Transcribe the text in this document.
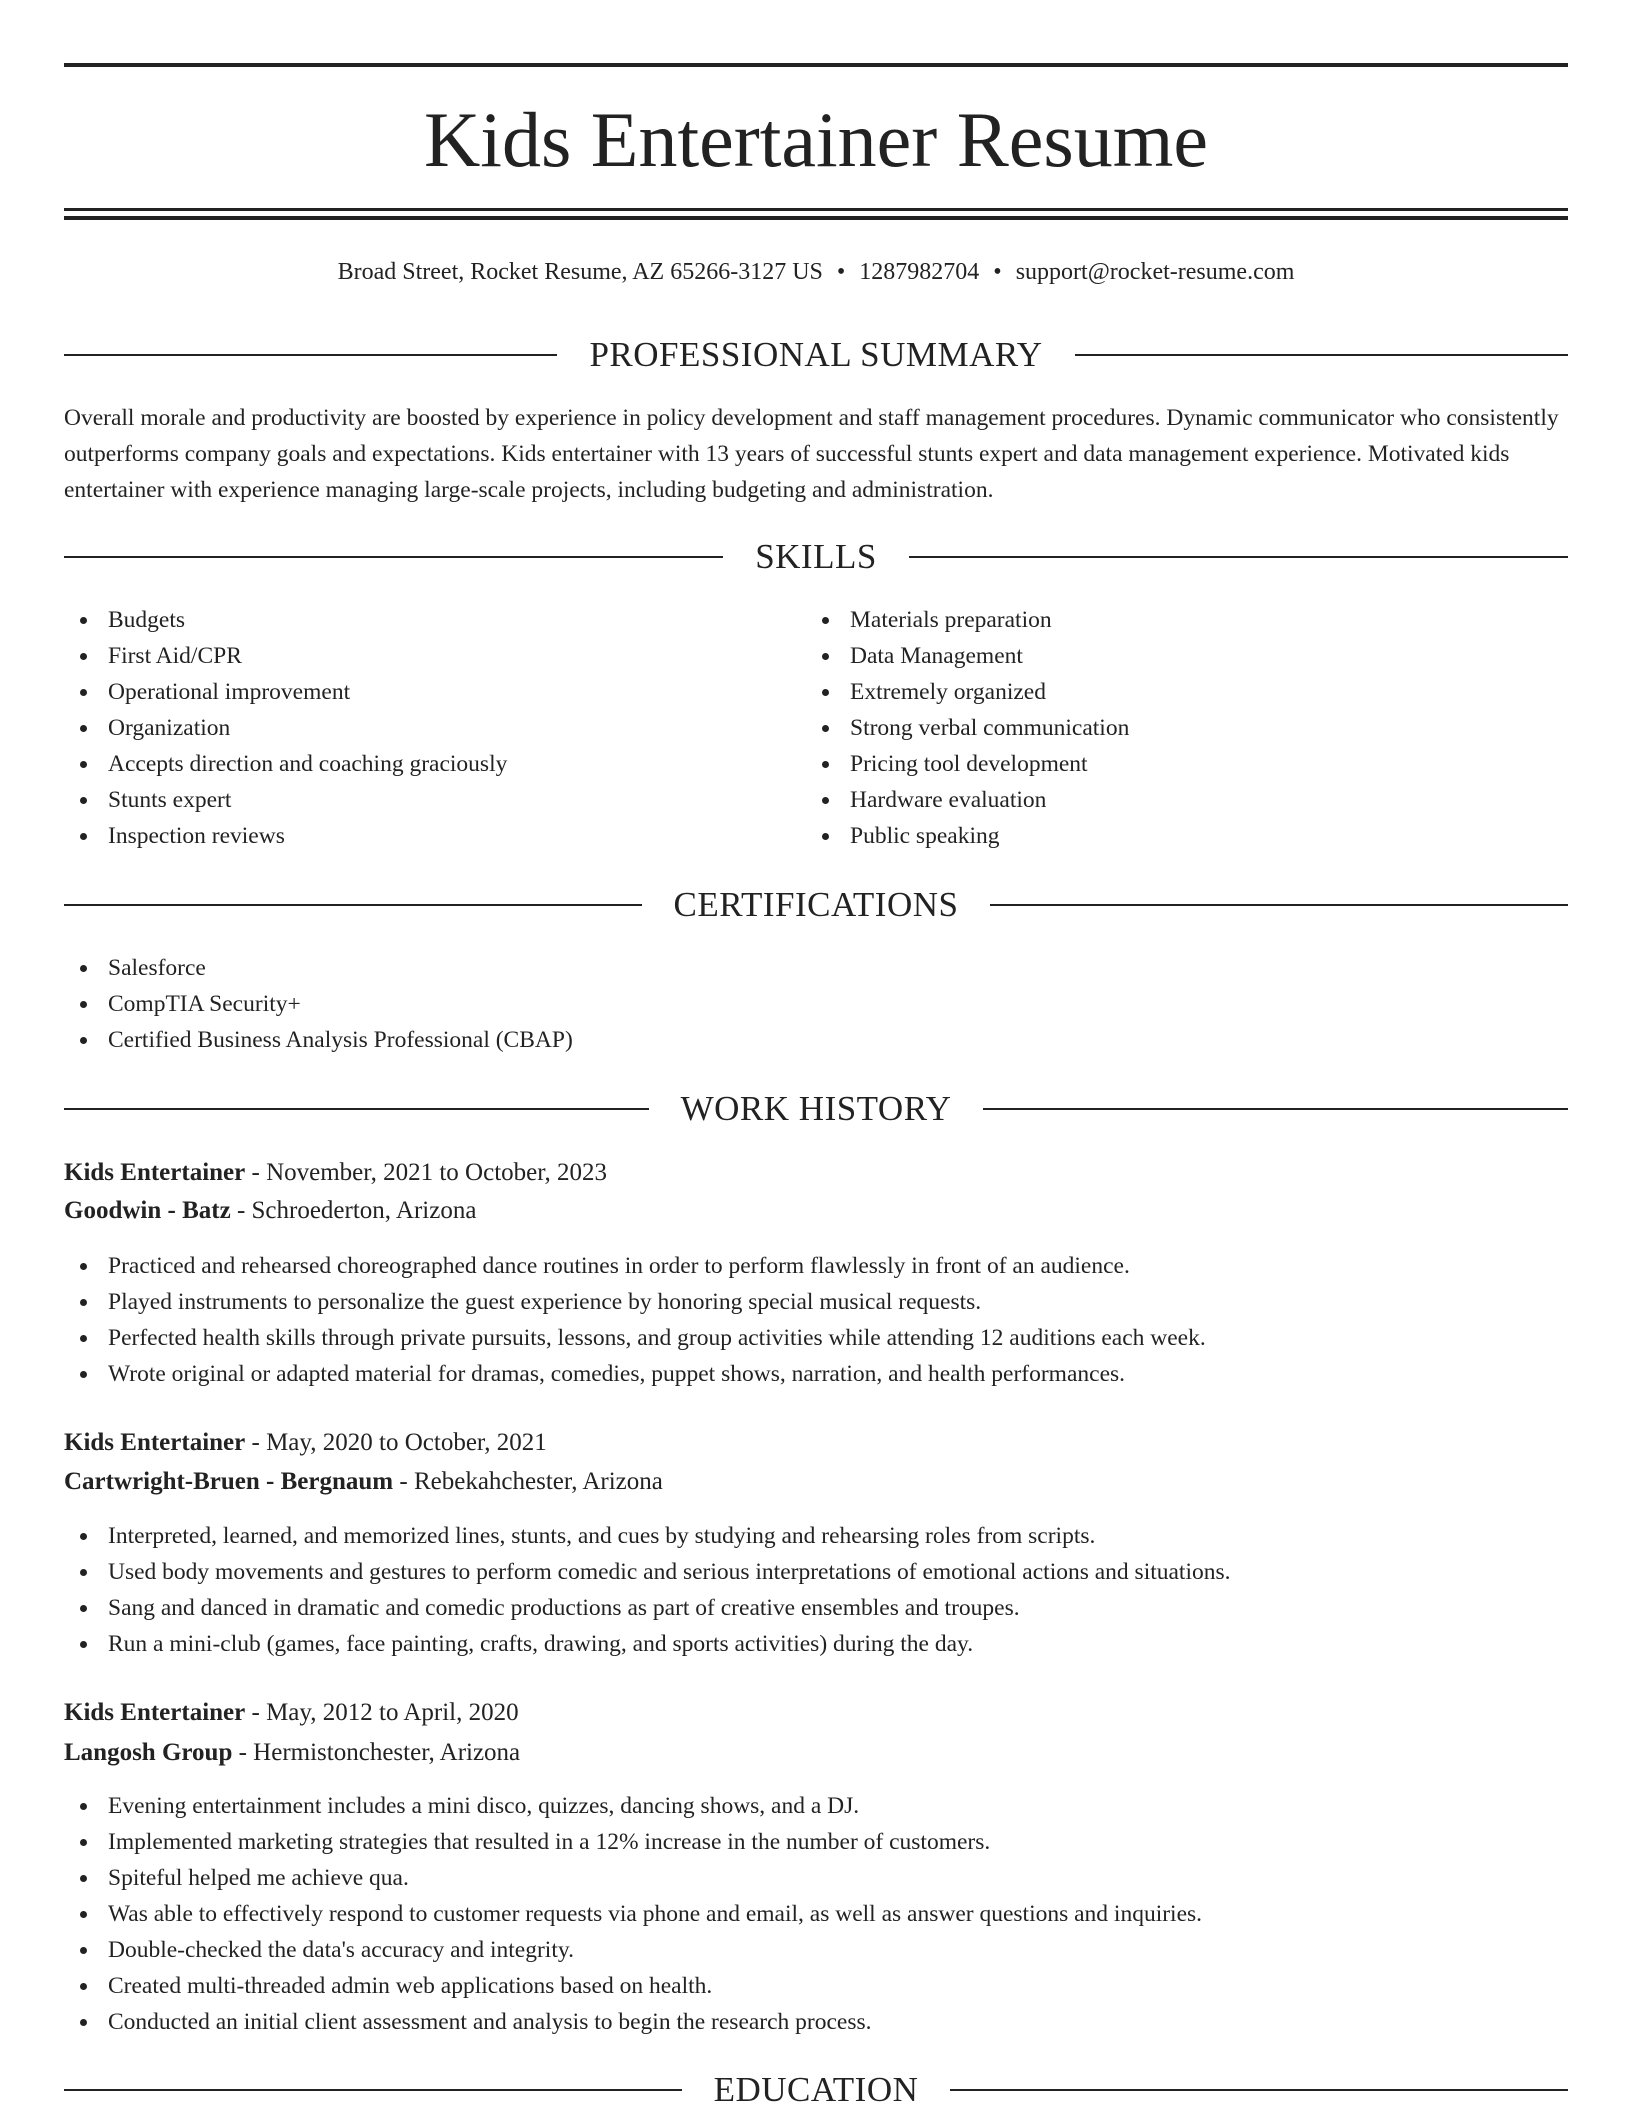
Kids Entertainer Resume
Broad Street, Rocket Resume, AZ 65266-3127 US • 1287982704 • support@rocket-resume.com
PROFESSIONAL SUMMARY

Overall morale and productivity are boosted by experience in policy development and staff management procedures. Dynamic communicator who consistently outperforms company goals and expectations. Kids entertainer with 13 years of successful stunts expert and data management experience. Motivated kids entertainer with experience managing large-scale projects, including budgeting and administration.

SKILLS
Budgets
First Aid/CPR
Operational improvement
Organization
Accepts direction and coaching graciously
Stunts expert
Inspection reviews
Materials preparation
Data Management
Extremely organized
Strong verbal communication
Pricing tool development
Hardware evaluation
Public speaking
CERTIFICATIONS
Salesforce
CompTIA Security+
Certified Business Analysis Professional (CBAP)
WORK HISTORY
Kids Entertainer - November, 2021 to October, 2023
Goodwin - Batz - Schroederton, Arizona
Practiced and rehearsed choreographed dance routines in order to perform flawlessly in front of an audience.
Played instruments to personalize the guest experience by honoring special musical requests.
Perfected health skills through private pursuits, lessons, and group activities while attending 12 auditions each week.
Wrote original or adapted material for dramas, comedies, puppet shows, narration, and health performances.
Kids Entertainer - May, 2020 to October, 2021
Cartwright-Bruen - Bergnaum - Rebekahchester, Arizona
Interpreted, learned, and memorized lines, stunts, and cues by studying and rehearsing roles from scripts.
Used body movements and gestures to perform comedic and serious interpretations of emotional actions and situations.
Sang and danced in dramatic and comedic productions as part of creative ensembles and troupes.
Run a mini-club (games, face painting, crafts, drawing, and sports activities) during the day.
Kids Entertainer - May, 2012 to April, 2020
Langosh Group - Hermistonchester, Arizona
Evening entertainment includes a mini disco, quizzes, dancing shows, and a DJ.
Implemented marketing strategies that resulted in a 12% increase in the number of customers.
Spiteful helped me achieve qua.
Was able to effectively respond to customer requests via phone and email, as well as answer questions and inquiries.
Double-checked the data's accuracy and integrity.
Created multi-threaded admin web applications based on health.
Conducted an initial client assessment and analysis to begin the research process.
EDUCATION
